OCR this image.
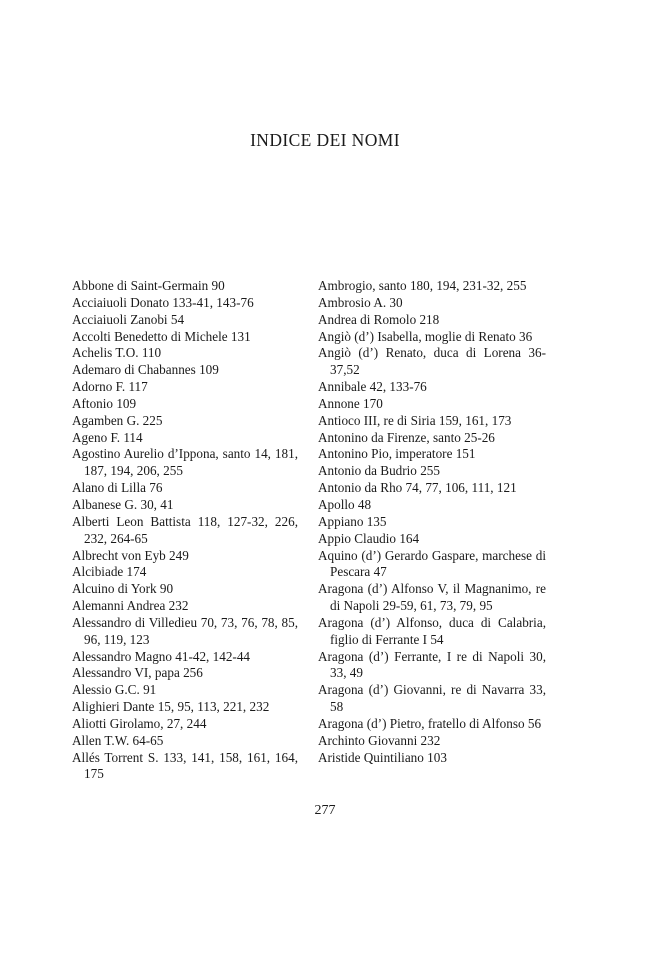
INDICE DEI NOMI
Abbone di Saint-Germain 90
Acciaiuoli Donato 133-41, 143-76
Acciaiuoli Zanobi 54
Accolti Benedetto di Michele 131
Achelis T.O. 110
Ademaro di Chabannes 109
Adorno F. 117
Aftonio 109
Agamben G. 225
Ageno F. 114
Agostino Aurelio d’Ippona, santo 14, 181, 187, 194, 206, 255
Alano di Lilla 76
Albanese G. 30, 41
Alberti Leon Battista 118, 127-32, 226, 232, 264-65
Albrecht von Eyb 249
Alcibiade 174
Alcuino di York 90
Alemanni Andrea 232
Alessandro di Villedieu 70, 73, 76, 78, 85, 96, 119, 123
Alessandro Magno 41-42, 142-44
Alessandro VI, papa 256
Alessio G.C. 91
Alighieri Dante 15, 95, 113, 221, 232
Aliotti Girolamo, 27, 244
Allen T.W. 64-65
Allés Torrent S. 133, 141, 158, 161, 164, 175
Ambrogio, santo 180, 194, 231-32, 255
Ambrosio A. 30
Andrea di Romolo 218
Angiò (d’) Isabella, moglie di Renato 36
Angiò (d’) Renato, duca di Lorena 36-37,52
Annibale 42, 133-76
Annone 170
Antioco III, re di Siria 159, 161, 173
Antonino da Firenze, santo 25-26
Antonino Pio, imperatore 151
Antonio da Budrio 255
Antonio da Rho 74, 77, 106, 111, 121
Apollo 48
Appiano 135
Appio Claudio 164
Aquino (d’) Gerardo Gaspare, marchese di Pescara 47
Aragona (d’) Alfonso V, il Magnanimo, re di Napoli 29-59, 61, 73, 79, 95
Aragona (d’) Alfonso, duca di Calabria, figlio di Ferrante I 54
Aragona (d’) Ferrante, I re di Napoli 30, 33, 49
Aragona (d’) Giovanni, re di Navarra 33, 58
Aragona (d’) Pietro, fratello di Alfonso 56
Archinto Giovanni 232
Aristide Quintiliano 103
277
